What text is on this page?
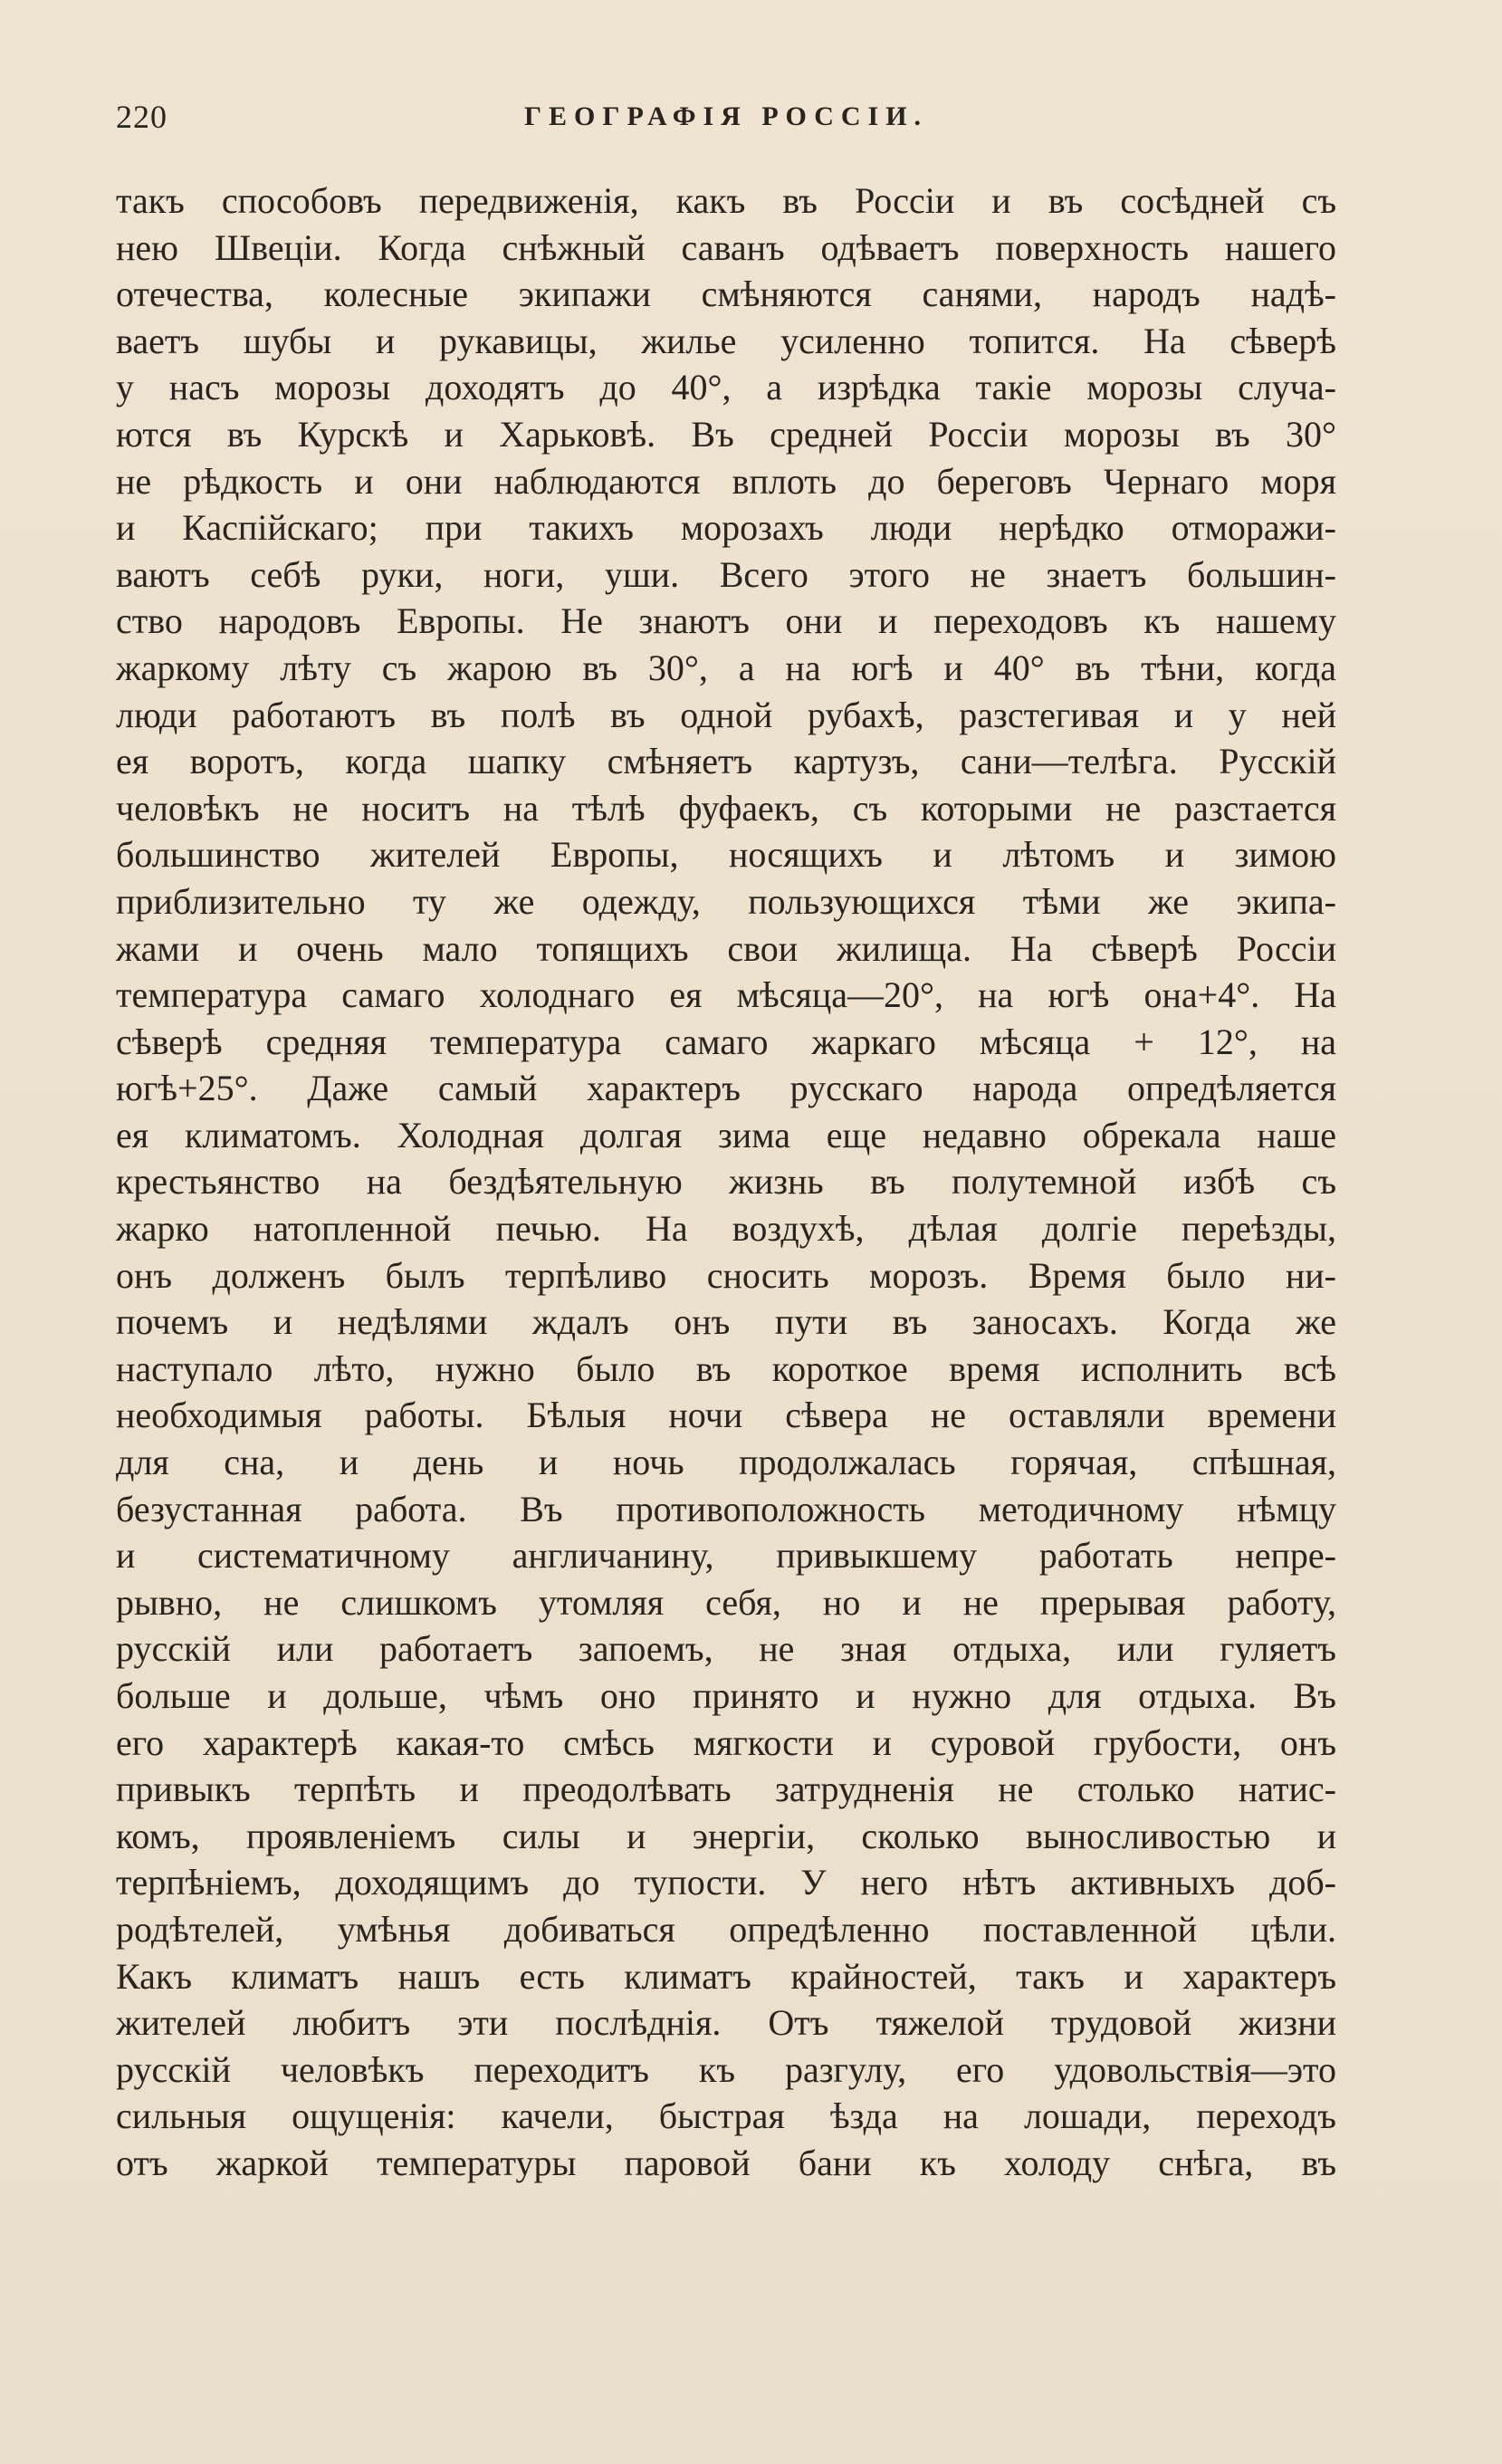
220	ГЕОГРАФІЯ РОССІИ.
такъ способовъ передвиженія, какъ въ Россіи и въ сосѣдней съ
нею Швеціи. Когда снѣжный саванъ одѣваетъ поверхность нашего
отечества, колесные экипажи смѣняются санями, народъ надѣ-
ваетъ шубы и рукавицы, жилье усиленно топится. На сѣверѣ
у насъ морозы доходятъ до 40°, а изрѣдка такіе морозы случа-
ются въ Курскѣ и Харьковѣ. Въ средней Россіи морозы въ 30°
не рѣдкость и они наблюдаются вплоть до береговъ Чернаго моря
и Каспійскаго; при такихъ морозахъ люди нерѣдко отморажи-
ваютъ себѣ руки, ноги, уши. Всего этого не знаетъ большин-
ство народовъ Европы. Не знаютъ они и переходовъ къ нашему
жаркому лѣту съ жарою въ 30°, а на югѣ и 40° въ тѣни, когда
люди работаютъ въ полѣ въ одной рубахѣ, разстегивая и у ней
ея воротъ, когда шапку смѣняетъ картузъ, сани—телѣга. Русскій
человѣкъ не носитъ на тѣлѣ фуфаекъ, съ которыми не разстается
большинство жителей Европы, носящихъ и лѣтомъ и зимою
приблизительно ту же одежду, пользующихся тѣми же экипа-
жами и очень мало топящихъ свои жилища. На сѣверѣ Россіи
температура самаго холоднаго ея мѣсяца—20°, на югѣ она+4°. На
сѣверѣ средняя температура самаго жаркаго мѣсяца + 12°, на
югѣ+25°. Даже самый характеръ русскаго народа опредѣляется
ея климатомъ. Холодная долгая зима еще недавно обрекала наше
крестьянство на бездѣятельную жизнь въ полутемной избѣ съ
жарко натопленной печью. На воздухѣ, дѣлая долгіе переѣзды,
онъ долженъ былъ терпѣливо сносить морозъ. Время было ни-
почемъ и недѣлями ждалъ онъ пути въ заносахъ. Когда же
наступало лѣто, нужно было въ короткое время исполнить всѣ
необходимыя работы. Бѣлыя ночи сѣвера не оставляли времени
для сна, и день и ночь продолжалась горячая, спѣшная,
безустанная работа. Въ противоположность методичному нѣмцу
и систематичному англичанину, привыкшему работать непре-
рывно, не слишкомъ утомляя себя, но и не прерывая работу,
русскій или работаетъ запоемъ, не зная отдыха, или гуляетъ
больше и дольше, чѣмъ оно принято и нужно для отдыха. Въ
его характерѣ какая-то смѣсь мягкости и суровой грубости, онъ
привыкъ терпѣть и преодолѣвать затрудненія не столько натис-
комъ, проявленіемъ силы и энергіи, сколько выносливостью и
терпѣніемъ, доходящимъ до тупости. У него нѣтъ активныхъ доб-
родѣтелей, умѣнья добиваться опредѣленно поставленной цѣли.
Какъ климатъ нашъ есть климатъ крайностей, такъ и характеръ
жителей любитъ эти послѣднія. Отъ тяжелой трудовой жизни
русскій человѣкъ переходитъ къ разгулу, его удовольствія—это
сильныя ощущенія: качели, быстрая ѣзда на лошади, переходъ
отъ жаркой температуры паровой бани къ холоду снѣга, въ
